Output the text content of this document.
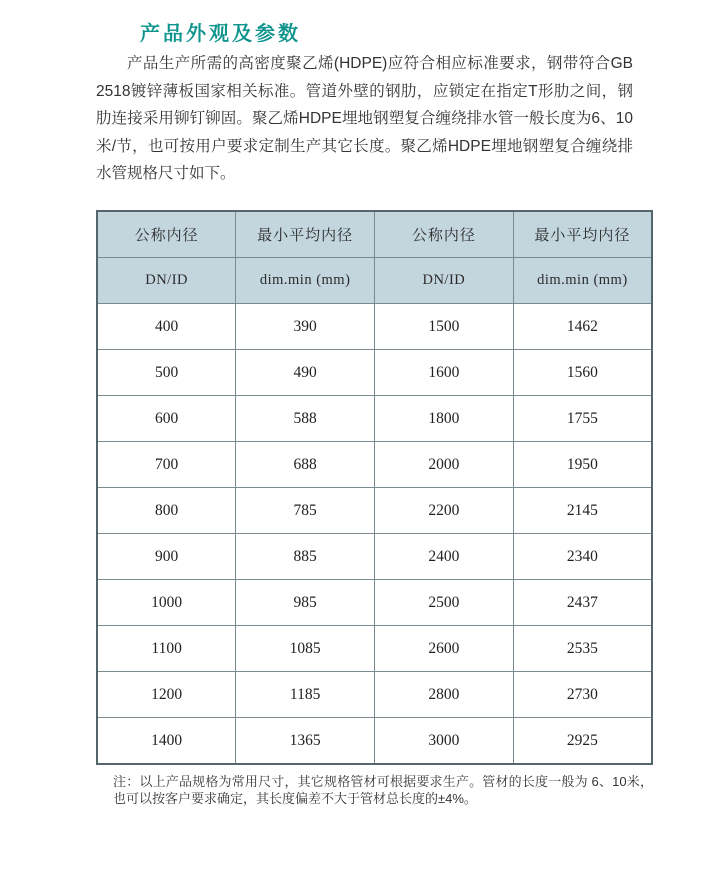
产品外观及参数

产品生产所需的高密度聚乙烯(HDPE)应符合相应标准要求，钢带符合GB 2518镀锌薄板国家相关标准。管道外壁的钢肋，应锁定在指定T形肋之间，钢肋连接采用铆钉铆固。聚乙烯HDPE埋地钢塑复合缠绕排水管一般长度为6、10米/节，也可按用户要求定制生产其它长度。聚乙烯HDPE埋地钢塑复合缠绕排水管规格尺寸如下。

公称内径	最小平均内径	公称内径	最小平均内径
DN/ID	dim.min (mm)	DN/ID	dim.min (mm)
400	390	1500	1462
500	490	1600	1560
600	588	1800	1755
700	688	2000	1950
800	785	2200	2145
900	885	2400	2340
1000	985	2500	2437
1100	1085	2600	2535
1200	1185	2800	2730
1400	1365	3000	2925

注：以上产品规格为常用尺寸，其它规格管材可根据要求生产。管材的长度一般为 6、10米，也可以按客户要求确定，其长度偏差不大于管材总长度的±4%。
